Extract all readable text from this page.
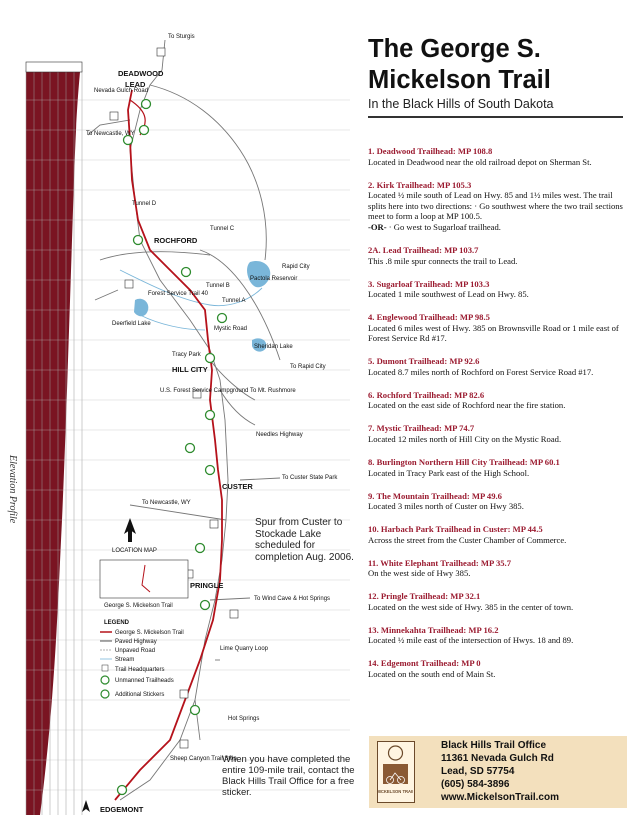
DEADWOOD
LEAD
ROCHFORD
HILL CITY
CUSTER
PRINGLE
EDGEMONT
To Sturgis
Nevada Gulch Road
To Newcastle, WY
Tunnel D
Tunnel C
Tunnel B
Tunnel A
Forest Service Trail 40
Deerfield Lake
Pactola Reservoir
Rapid City
To Rapid City
Sheridan Lake
Mystic Road
Tracy Park
To Mt. Rushmore
U.S. Forest Service Campground
Needles Highway
To Custer State Park
To Newcastle, WY
To Wind Cave & Hot Springs
Lime Quarry Loop
Hot Springs
Sheep Canyon Trail Stop
LOCATION MAP
George S. Mickelson Trail
LEGEND
George S. Mickelson Trail
Paved Highway
Unpaved Road
Stream
Trail Headquarters
Unmanned Trailheads
Additional Stickers
Elevation Profile
The George S.
Mickelson Trail
In the Black Hills of South Dakota
1. Deadwood Trailhead: MP 108.8
Located in Deadwood near the old railroad depot on Sherman St.
2. Kirk Trailhead: MP 105.3
Located ½ mile south of Lead on Hwy. 85 and 1½ miles west. The trail splits here into two directions: · Go southwest where the two trail sections meet to form a loop at MP 100.5.
-OR- · Go west to Sugarloaf trailhead.
2A. Lead Trailhead: MP 103.7
This .8 mile spur connects the trail to Lead.
3. Sugarloaf Trailhead: MP 103.3
Located 1 mile southwest of Lead on Hwy. 85.
4. Englewood Trailhead: MP 98.5
Located 6 miles west of Hwy. 385 on Brownsville Road or 1 mile east of Forest Service Rd #17.
5. Dumont Trailhead: MP 92.6
Located 8.7 miles north of Rochford on Forest Service Road #17.
6. Rochford Trailhead: MP 82.6
Located on the east side of Rochford near the fire station.
7. Mystic Trailhead: MP 74.7
Located 12 miles north of Hill City on the Mystic Road.
8. Burlington Northern Hill City Trailhead: MP 60.1
Located in Tracy Park east of the High School.
9. The Mountain Trailhead: MP 49.6
Located 3 miles north of Custer on Hwy 385.
10. Harbach Park Trailhead in Custer: MP 44.5
Across the street from the Custer Chamber of Commerce.
11. White Elephant Trailhead: MP 35.7
On the west side of Hwy 385.
12. Pringle Trailhead: MP 32.1
Located on the west side of Hwy. 385 in the center of town.
13. Minnekahta Trailhead: MP 16.2
Located ½ mile east of the intersection of Hwys. 18 and 89.
14. Edgemont Trailhead: MP 0
Located on the south end of Main St.
Spur from Custer to Stockade Lake scheduled for completion Aug. 2006.
When you have completed the entire 109-mile trail, contact the Black Hills Trail Office for a free sticker.	MICKELSON TRAIL
Black Hills Trail Office
11361 Nevada Gulch Rd
Lead, SD 57754
(605) 584-3896
www.MickelsonTrail.com
